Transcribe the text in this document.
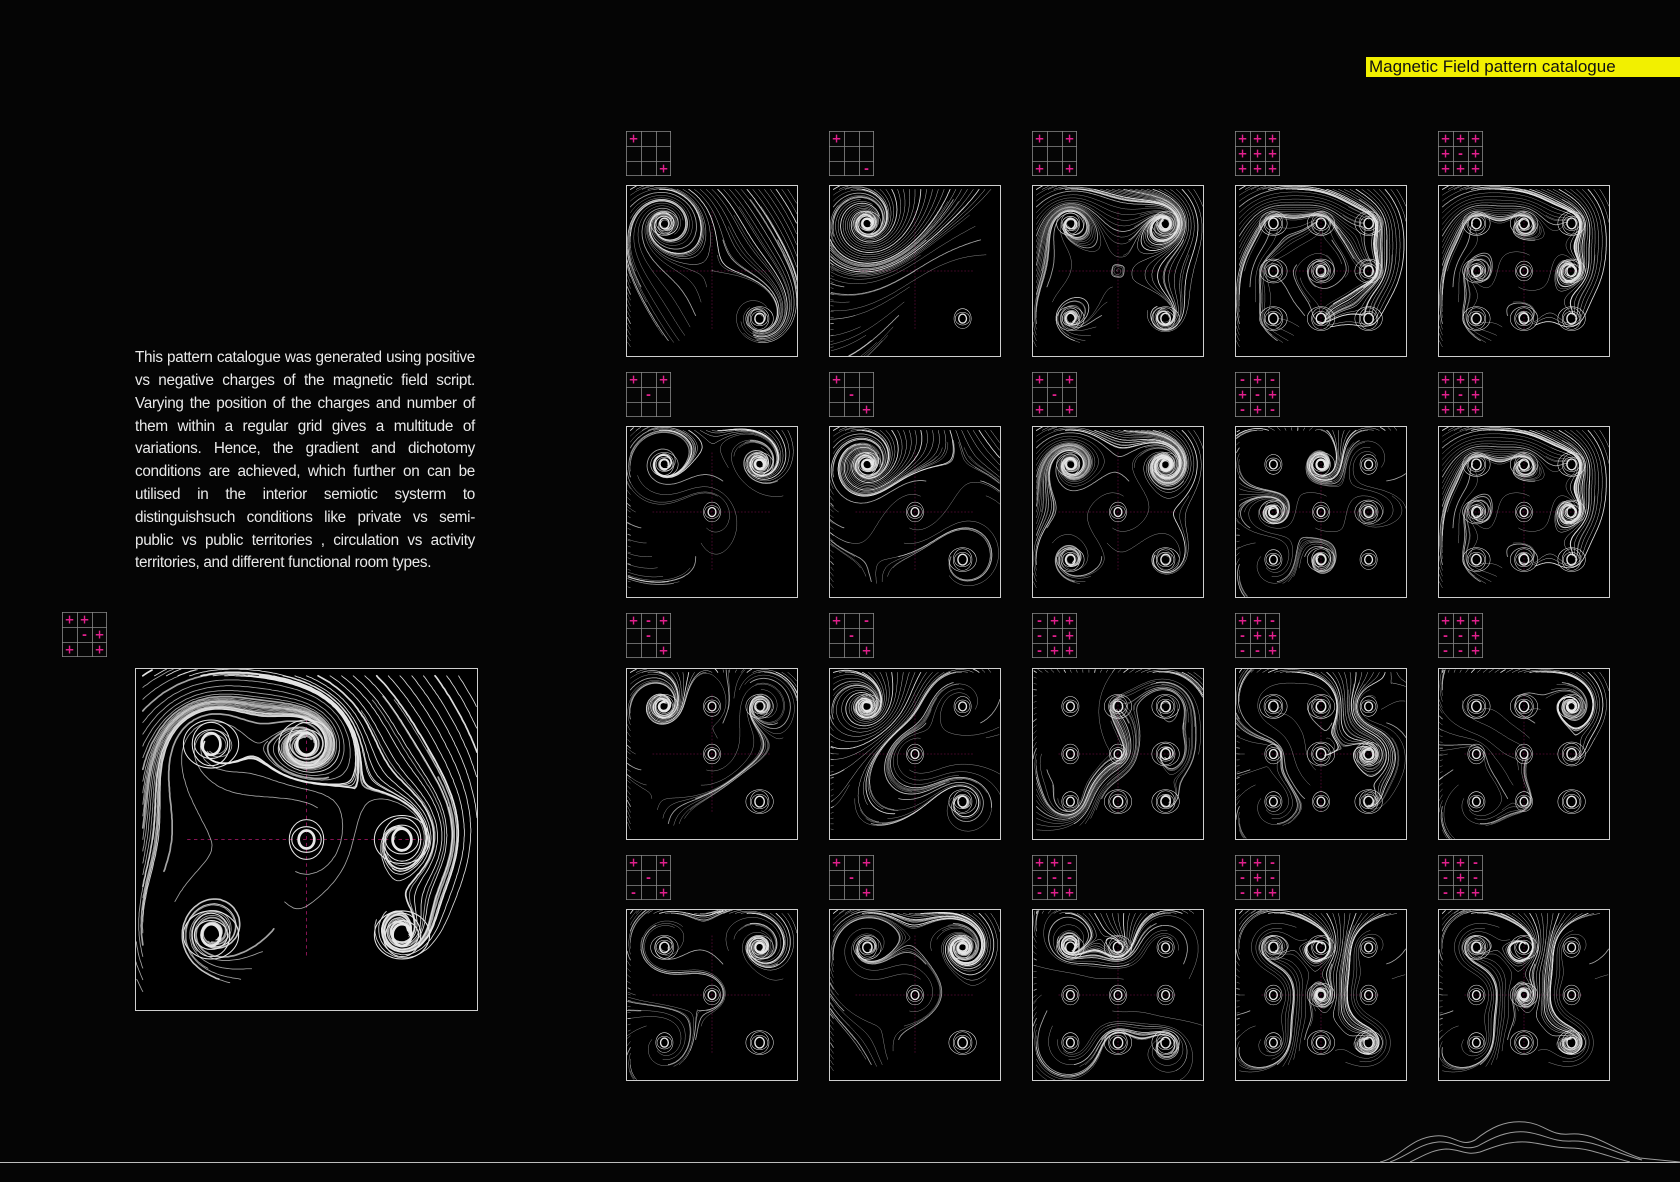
Magnetic Field pattern catalogue

This pattern catalogue was generated using positive vs negative charges of the magnetic field script. Varying the position of the charges and number of them within a regular grid gives a multitude of variations. Hence, the gradient and dichotomy conditions are achieved, which further on can be utilised in the interior semiotic systerm to distinguishsuch conditions like private vs semi-public vs public territories , circulation vs activity territories, and different functional room types.

+ +
- +
+ +
+
+
+
-
+ +
+ +
+ + +
+ + +
+ + +
+ + +
+ - +
+ + +
+ +
-
+
-
+
+ +
-
+ +
- + -
+ - +
- + -
+ + +
+ - +
+ + +
+ - +
-
+
+ -
-
+
- + +
- - +
- + +
+ + -
- + +
- - +
+ + +
- - +
- - +
+ +
-
- +
+ +
-
+
+ + -
- - -
- + +
+ + -
- + -
- + +
+ + -
- + -
- + +
